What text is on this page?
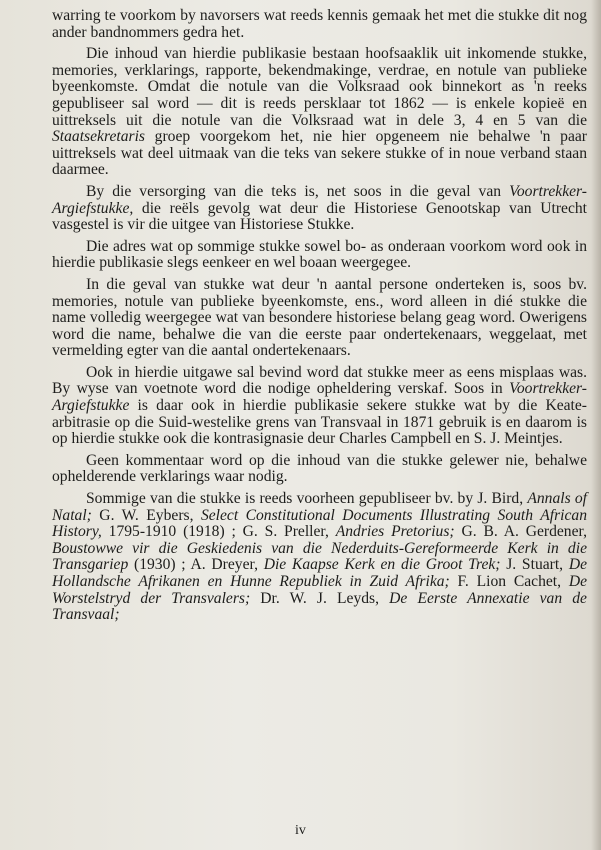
warring te voorkom by navorsers wat reeds kennis gemaak het met die stukke dit nog ander bandnommers gedra het.

Die inhoud van hierdie publikasie bestaan hoofsaaklik uit inkomende stukke, memories, verklarings, rapporte, bekendmakinge, verdrae, en notule van publieke byeenkomste. Omdat die notule van die Volksraad ook binnekort as 'n reeks gepubliseer sal word — dit is reeds persklaar tot 1862 — is enkele kopieë en uittreksels uit die notule van die Volksraad wat in dele 3, 4 en 5 van die Staatsekretaris groep voorgekom het, nie hier opgeneem nie behalwe 'n paar uittreksels wat deel uitmaak van die teks van sekere stukke of in noue verband staan daarmee.

By die versorging van die teks is, net soos in die geval van Voortrekker-Argiefstukke, die reëls gevolg wat deur die Historiese Genootskap van Utrecht vasgestel is vir die uitgee van Historiese Stukke.

Die adres wat op sommige stukke sowel bo- as onderaan voorkom word ook in hierdie publikasie slegs eenkeer en wel boaan weergegee.

In die geval van stukke wat deur 'n aantal persone onderteken is, soos bv. memories, notule van publieke byeenkomste, ens., word alleen in dié stukke die name volledig weergegee wat van besondere historiese belang geag word. Owerigens word die name, behalwe die van die eerste paar ondertekenaars, weggelaat, met vermelding egter van die aantal ondertekenaars.

Ook in hierdie uitgawe sal bevind word dat stukke meer as eens misplaas was. By wyse van voetnote word die nodige opheldering verskaf. Soos in Voortrekker-Argiefstukke is daar ook in hierdie publikasie sekere stukke wat by die Keate-arbitrasie op die Suid-westelike grens van Transvaal in 1871 gebruik is en daarom is op hierdie stukke ook die kontrasignasie deur Charles Campbell en S. J. Meintjes.

Geen kommentaar word op die inhoud van die stukke gelewer nie, behalwe ophelderende verklarings waar nodig.

Sommige van die stukke is reeds voorheen gepubliseer bv. by J. Bird, Annals of Natal; G. W. Eybers, Select Constitutional Documents Illustrating South African History, 1795-1910 (1918) ; G. S. Preller, Andries Pretorius; G. B. A. Gerdener, Boustowwe vir die Geskiedenis van die Nederduits-Gereformeerde Kerk in die Transgariep (1930) ; A. Dreyer, Die Kaapse Kerk en die Groot Trek; J. Stuart, De Hollandsche Afrikanen en Hunne Republiek in Zuid Afrika; F. Lion Cachet, De Worstelstryd der Transvalers; Dr. W. J. Leyds, De Eerste Annexatie van de Transvaal;

iv
